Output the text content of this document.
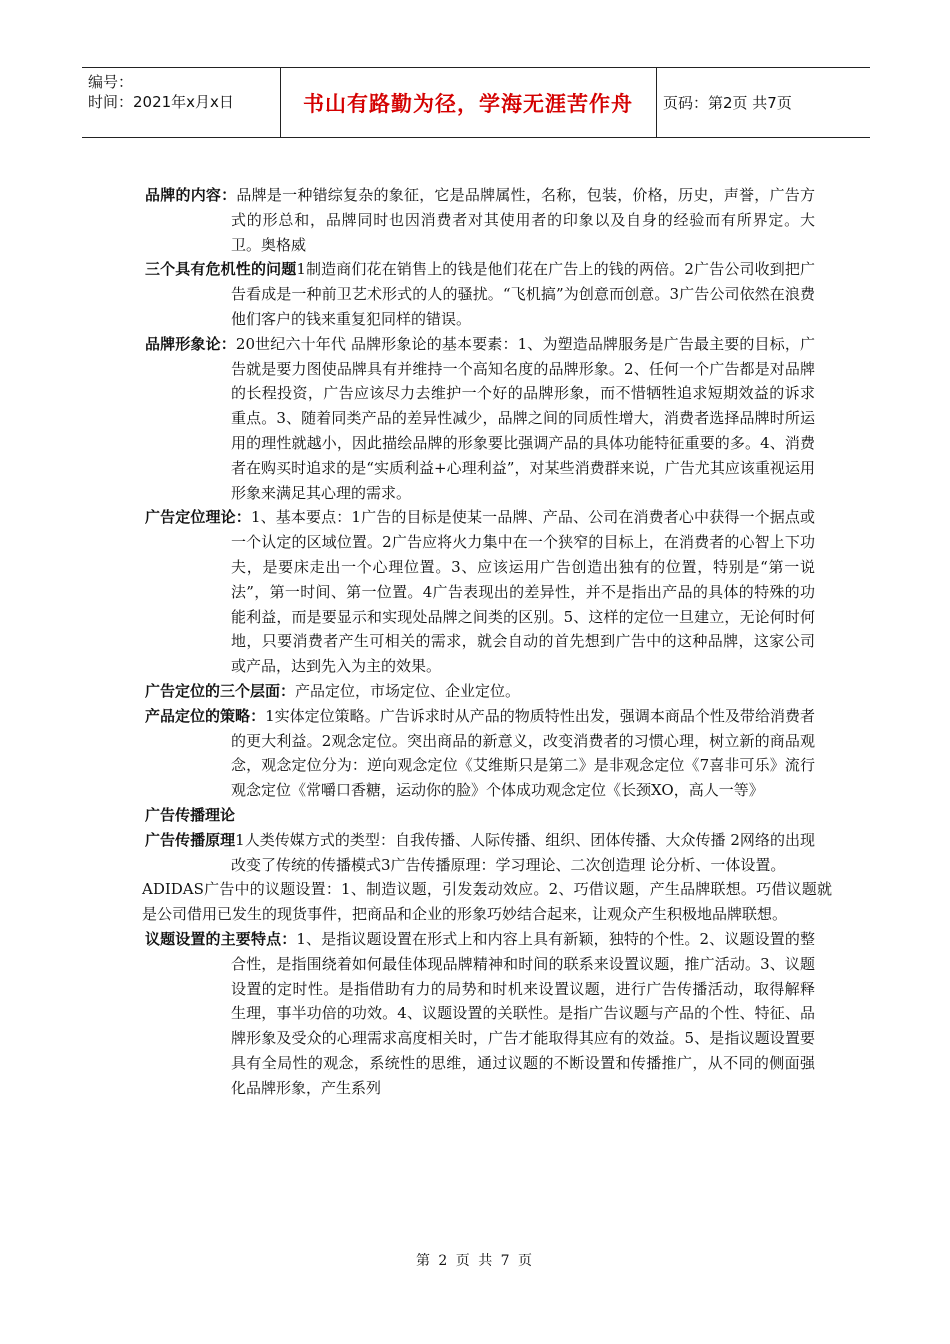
编号：
时间：2021年x月x日	书山有路勤为径，学海无涯苦作舟	页码：第2页 共7页

品牌的内容：品牌是一种错综复杂的象征，它是品牌属性，名称，包装，价格，历史，声誉，广告方式的形总和，品牌同时也因消费者对其使用者的印象以及自身的经验而有所界定。大卫。奥格威

三个具有危机性的问题1制造商们花在销售上的钱是他们花在广告上的钱的两倍。2广告公司收到把广告看成是一种前卫艺术形式的人的骚扰。“飞机搞”为创意而创意。3广告公司依然在浪费他们客户的钱来重复犯同样的错误。

品牌形象论：20世纪六十年代 品牌形象论的基本要素：1、为塑造品牌服务是广告最主要的目标，广告就是要力图使品牌具有并维持一个高知名度的品牌形象。2、任何一个广告都是对品牌的长程投资，广告应该尽力去维护一个好的品牌形象，而不惜牺牲追求短期效益的诉求重点。3、随着同类产品的差异性减少，品牌之间的同质性增大，消费者选择品牌时所运用的理性就越小，因此描绘品牌的形象要比强调产品的具体功能特征重要的多。4、消费者在购买时追求的是“实质利益+心理利益”，对某些消费群来说，广告尤其应该重视运用形象来满足其心理的需求。

广告定位理论：1、基本要点：1广告的目标是使某一品牌、产品、公司在消费者心中获得一个据点或一个认定的区域位置。2广告应将火力集中在一个狭窄的目标上，在消费者的心智上下功夫，是要床走出一个心理位置。3、应该运用广告创造出独有的位置，特别是“第一说法”，第一时间、第一位置。4广告表现出的差异性，并不是指出产品的具体的特殊的功能利益，而是要显示和实现处品牌之间类的区别。5、这样的定位一旦建立，无论何时何地，只要消费者产生可相关的需求，就会自动的首先想到广告中的这种品牌，这家公司或产品，达到先入为主的效果。

广告定位的三个层面：产品定位，市场定位、企业定位。

产品定位的策略：1实体定位策略。广告诉求时从产品的物质特性出发，强调本商品个性及带给消费者的更大利益。2观念定位。突出商品的新意义，改变消费者的习惯心理，树立新的商品观念，观念定位分为：逆向观念定位《艾维斯只是第二》是非观念定位《7喜非可乐》流行观念定位《常嚼口香糖，运动你的脸》个体成功观念定位《长颈XO，高人一等》

广告传播理论

广告传播原理1人类传媒方式的类型：自我传播、人际传播、组织、团体传播、大众传播 2网络的出现改变了传统的传播模式3广告传播原理：学习理论、二次创造理 论分析、一体设置。

ADIDAS广告中的议题设置：1、制造议题，引发轰动效应。2、巧借议题，产生品牌联想。巧借议题就是公司借用已发生的现货事件，把商品和企业的形象巧妙结合起来，让观众产生积极地品牌联想。

议题设置的主要特点：1、是指议题设置在形式上和内容上具有新颖，独特的个性。2、议题设置的整合性，是指围绕着如何最佳体现品牌精神和时间的联系来设置议题，推广活动。3、议题设置的定时性。是指借助有力的局势和时机来设置议题，进行广告传播活动，取得解释生理，事半功倍的功效。4、议题设置的关联性。是指广告议题与产品的个性、特征、品牌形象及受众的心理需求高度相关时，广告才能取得其应有的效益。5、是指议题设置要具有全局性的观念，系统性的思维，通过议题的不断设置和传播推广，从不同的侧面强化品牌形象，产生系列

第 2 页 共 7 页
